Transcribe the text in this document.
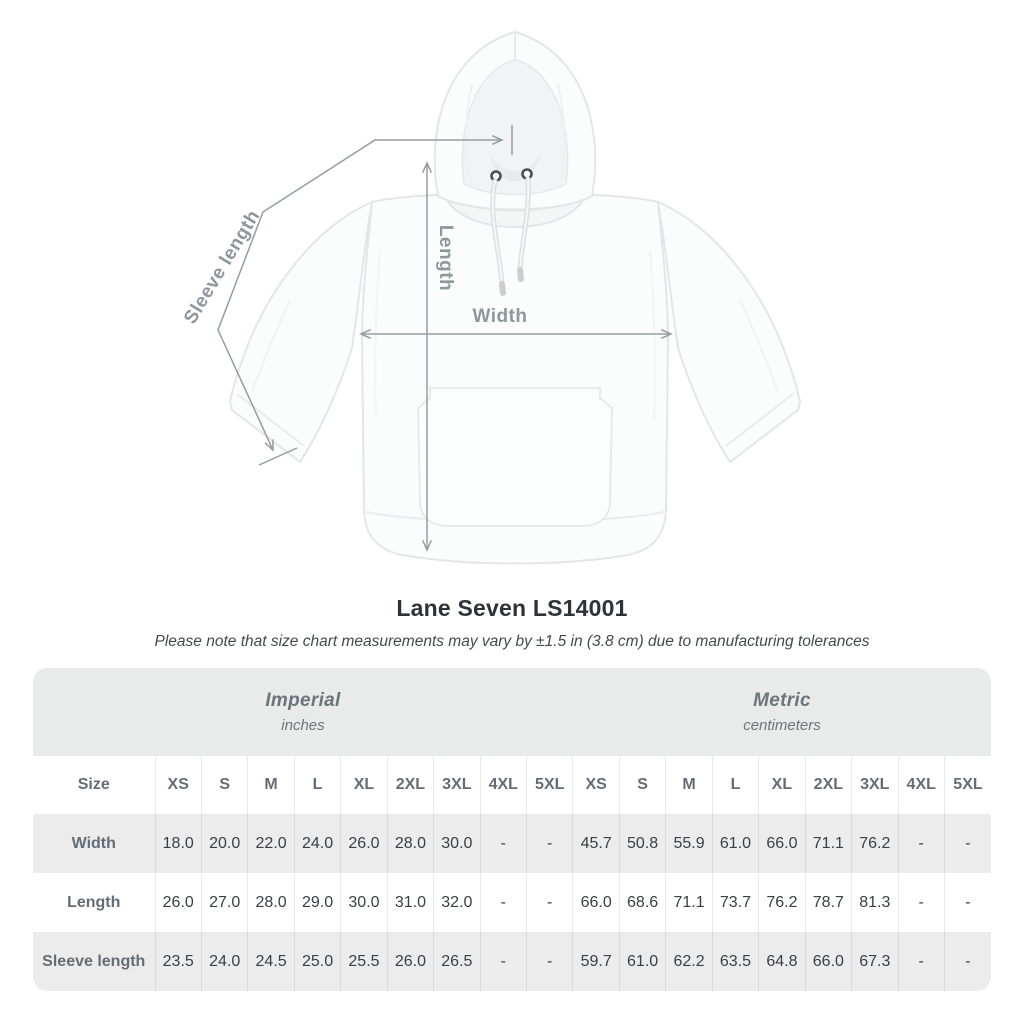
Width
Length
Sleeve length
Lane Seven LS14001
Please note that size chart measurements may vary by ±1.5 in (3.8 cm) due to manufacturing tolerances
Imperial
inches

Metric
centimeters

Size	XS	S	M	L	XL	2XL	3XL	4XL	5XL	XS	S	M	L	XL	2XL	3XL	4XL	5XL
Width	18.0	20.0	22.0	24.0	26.0	28.0	30.0	-	-	45.7	50.8	55.9	61.0	66.0	71.1	76.2	-	-
Length	26.0	27.0	28.0	29.0	30.0	31.0	32.0	-	-	66.0	68.6	71.1	73.7	76.2	78.7	81.3	-	-
Sleeve length	23.5	24.0	24.5	25.0	25.5	26.0	26.5	-	-	59.7	61.0	62.2	63.5	64.8	66.0	67.3	-	-
